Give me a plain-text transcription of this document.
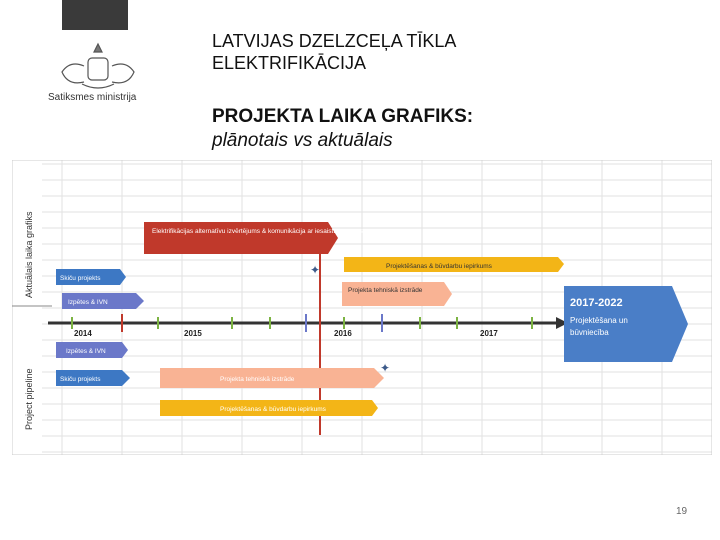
Satiksmes ministrija
LATVIJAS DZELZCEĻA TĪKLA
ELEKTRIFIKĀCIJA
PROJEKTA LAIKA GRAFIKS:
plānotais vs aktuālais
Aktuālais laika grafiks
Project pipeline
Elektrifikācijas alternatīvu izvērtējums & komunikācija ar iesaistītajām pusēm
Projektēšanas & būvdarbu iepirkums
Skiču projekts
Izpētes & IVN
Projekta tehniskā izstrāde
2014	2015	2016	2017
✦
✦
Izpētes & IVN
Skiču projekts	Projekta tehniskā izstrāde
Projektēšanas & būvdarbu iepirkums
2017-2022
Projektēšana un
būvniecība
19
